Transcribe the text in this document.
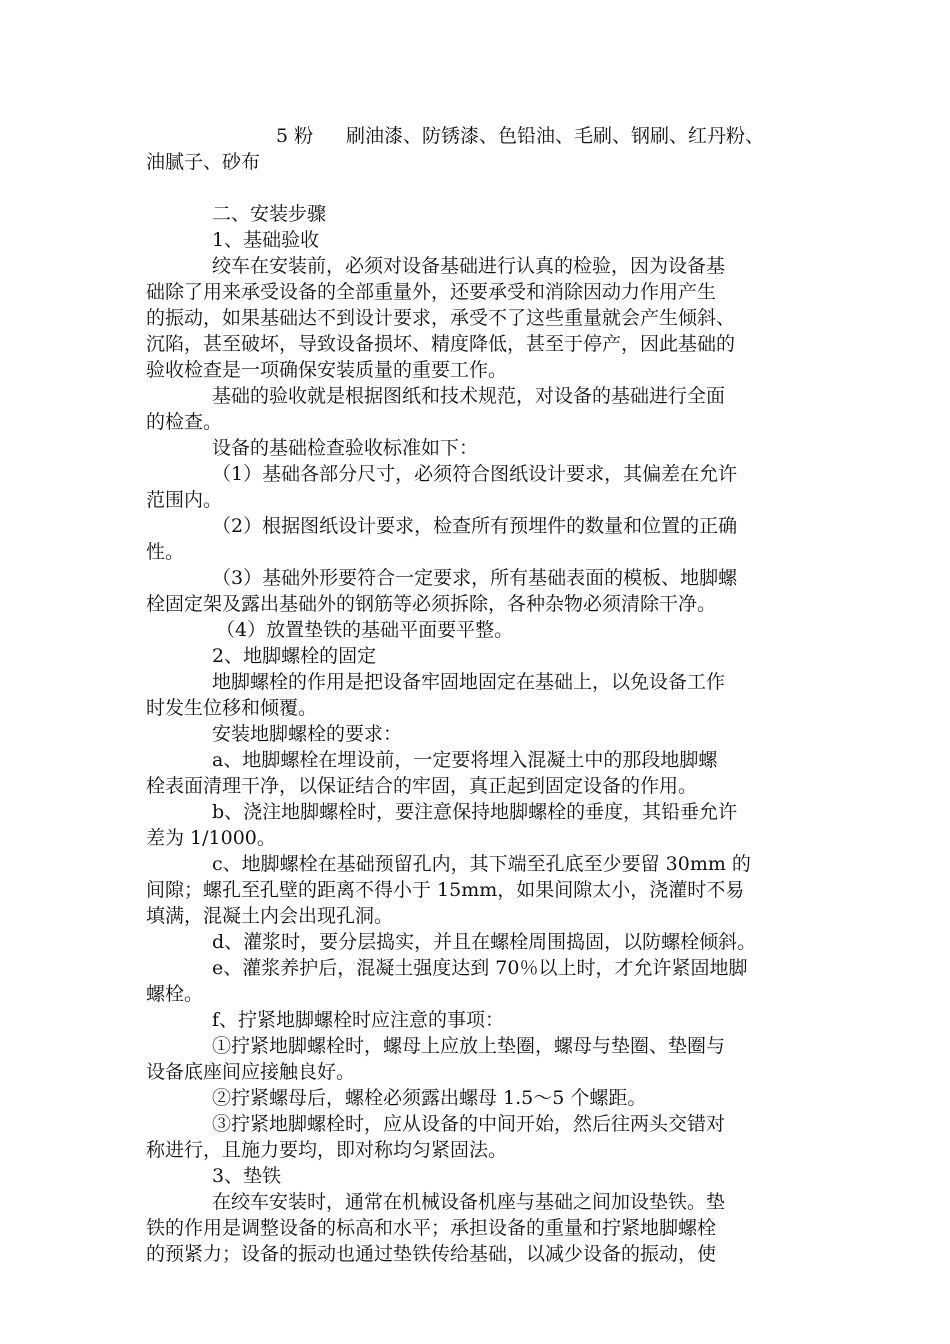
5 粉 刷油漆、防锈漆、色铅油、毛刷、钢刷、红丹粉、
油腻子、砂布
二、安装步骤
1、基础验收
绞车在安装前，必须对设备基础进行认真的检验，因为设备基
础除了用来承受设备的全部重量外，还要承受和消除因动力作用产生
的振动，如果基础达不到设计要求，承受不了这些重量就会产生倾斜、
沉陷，甚至破坏，导致设备损坏、精度降低，甚至于停产，因此基础的
验收检查是一项确保安装质量的重要工作。
基础的验收就是根据图纸和技术规范，对设备的基础进行全面
的检查。
设备的基础检查验收标准如下：
（1）基础各部分尺寸，必须符合图纸设计要求，其偏差在允许
范围内。
（2）根据图纸设计要求，检查所有预埋件的数量和位置的正确
性。
（3）基础外形要符合一定要求，所有基础表面的模板、地脚螺
栓固定架及露出基础外的钢筋等必须拆除，各种杂物必须清除干净。
（4）放置垫铁的基础平面要平整。
2、地脚螺栓的固定
地脚螺栓的作用是把设备牢固地固定在基础上，以免设备工作
时发生位移和倾覆。
安装地脚螺栓的要求：
a、地脚螺栓在埋设前，一定要将埋入混凝土中的那段地脚螺
栓表面清理干净，以保证结合的牢固，真正起到固定设备的作用。
b、浇注地脚螺栓时，要注意保持地脚螺栓的垂度，其铅垂允许
差为 1/1000。
c、地脚螺栓在基础预留孔内，其下端至孔底至少要留 30mm 的
间隙；螺孔至孔壁的距离不得小于 15mm，如果间隙太小，浇灌时不易
填满，混凝土内会出现孔洞。
d、灌浆时，要分层捣实，并且在螺栓周围捣固，以防螺栓倾斜。
e、灌浆养护后，混凝土强度达到 70％以上时，才允许紧固地脚
螺栓。
f、拧紧地脚螺栓时应注意的事项：
①拧紧地脚螺栓时，螺母上应放上垫圈，螺母与垫圈、垫圈与
设备底座间应接触良好。
②拧紧螺母后，螺栓必须露出螺母 1.5～5 个螺距。
③拧紧地脚螺栓时，应从设备的中间开始，然后往两头交错对
称进行，且施力要均，即对称均匀紧固法。
3、垫铁
在绞车安装时，通常在机械设备机座与基础之间加设垫铁。垫
铁的作用是调整设备的标高和水平；承担设备的重量和拧紧地脚螺栓
的预紧力；设备的振动也通过垫铁传给基础，以减少设备的振动，使
